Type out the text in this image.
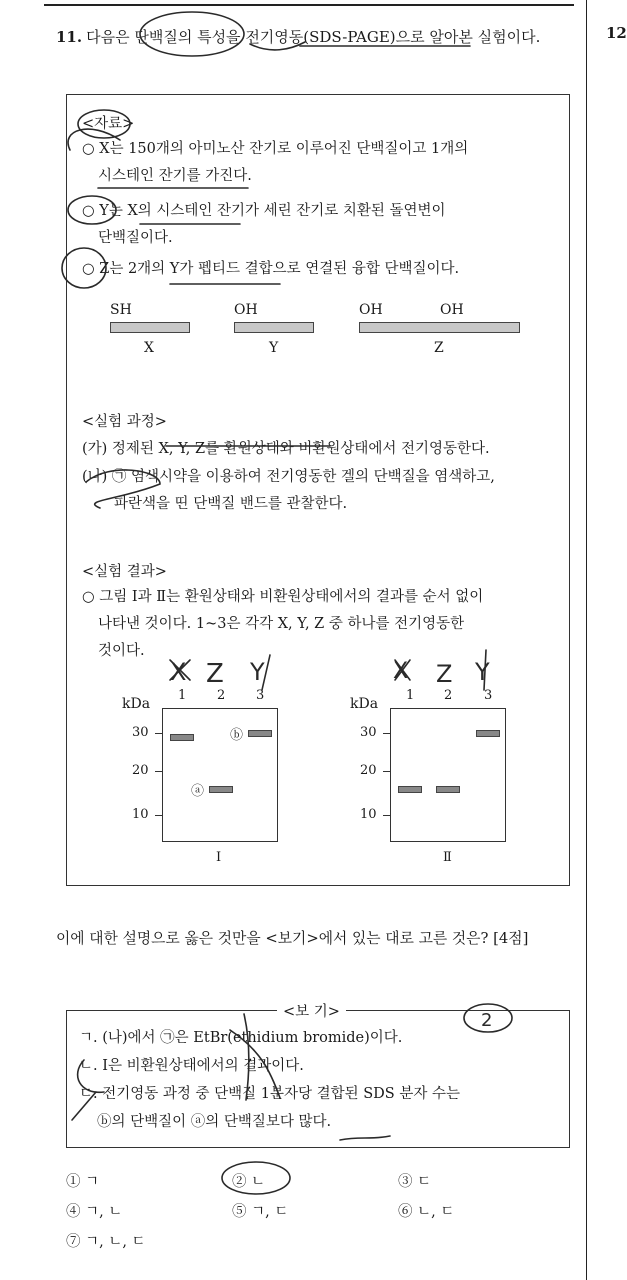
12
11. 다음은 단백질의 특성을 전기영동(SDS-PAGE)으로 알아본 실험이다.
<자료>
○ X는 150개의 아미노산 잔기로 이루어진 단백질이고 1개의
시스테인 잔기를 가진다.
○ Y는 X의 시스테인 잔기가 세린 잔기로 치환된 돌연변이
단백질이다.
○ Z는 2개의 Y가 펩티드 결합으로 연결된 융합 단백질이다.
SH
X
OH
Y
OH	OH
Z
<실험 과정>
(가) 정제된 X, Y, Z를 환원상태와 비환원상태에서 전기영동한다.
(나) ㉠ 염색시약을 이용하여 전기영동한 겔의 단백질을 염색하고,
파란색을 띤 단백질 밴드를 관찰한다.
<실험 결과>
○ 그림 Ⅰ과 Ⅱ는 환원상태와 비환원상태에서의 결과를 순서 없이
나타낸 것이다. 1~3은 각각 X, Y, Z 중 하나를 전기영동한
것이다.
kDa
1 2 3
30
20
10
ⓐ
ⓑ
Ⅰ
kDa
1 2 3
30
20
10
Ⅱ
이에 대한 설명으로 옳은 것만을 <보기>에서 있는 대로 고른 것은? [4점]
<보 기>
ㄱ. (나)에서 ㉠은 EtBr(ethidium bromide)이다.
ㄴ. Ⅰ은 비환원상태에서의 결과이다.
ㄷ. 전기영동 과정 중 단백질 1분자당 결합된 SDS 분자 수는
ⓑ의 단백질이 ⓐ의 단백질보다 많다.
① ㄱ	② ㄴ	③ ㄷ
④ ㄱ, ㄴ	⑤ ㄱ, ㄷ	⑥ ㄴ, ㄷ
⑦ ㄱ, ㄴ, ㄷ
2
X Z Y	X Z Y
